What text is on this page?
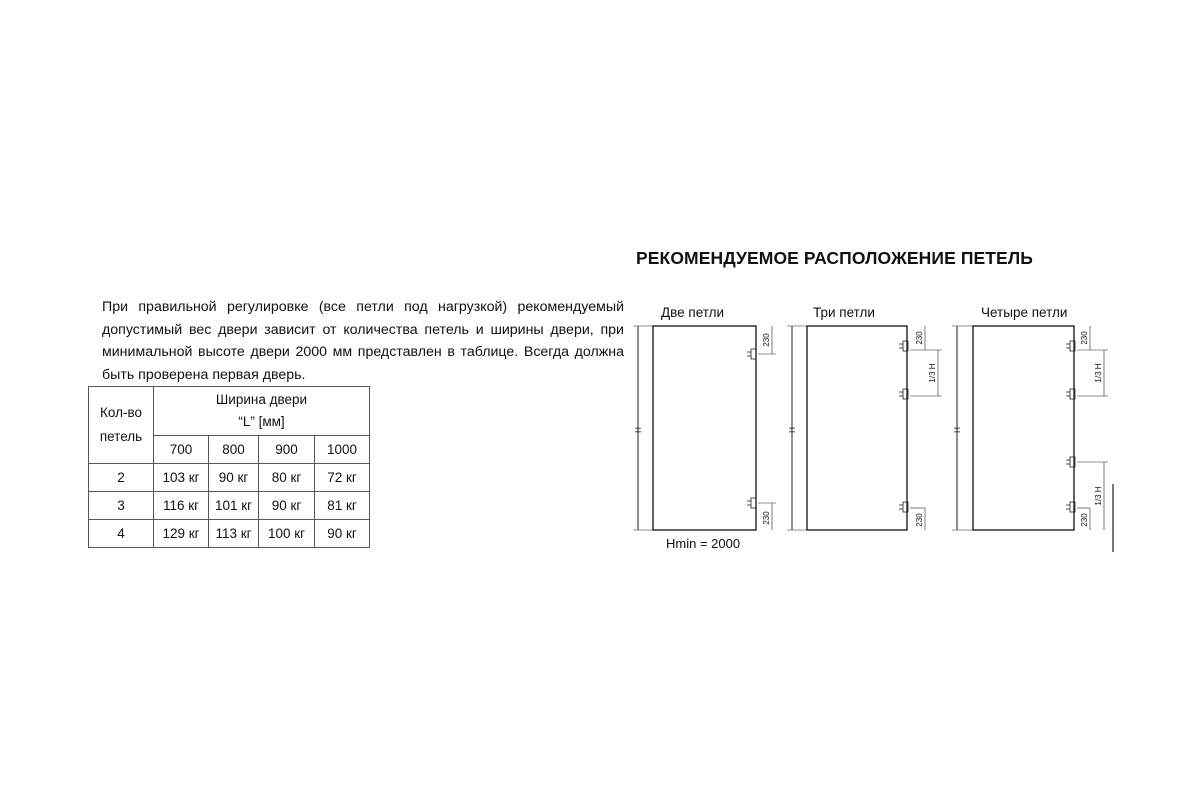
При правильной регулировке (все петли под нагрузкой) рекомендуемый допустимый вес двери зависит от количества петель и ширины двери, при минимальной высоте двери 2000 мм представлен в таблице. Всегда должна быть проверена первая дверь.

Кол-во
петель	Ширина двери
“L” [мм]			
	700	800	900	1000
2	103 кг	90 кг	80 кг	72 кг
3	116 кг	101 кг	90 кг	81 кг
4	129 кг	113 кг	100 кг	90 кг
РЕКОМЕНДУЕМОЕ РАСПОЛОЖЕНИЕ ПЕТЕЛЬ
Две петли	Три петли	Четыре петли
H	H	H
230
230
230
230
230
230
1/3 H	1/3 H
1/3 H
Hmin = 2000
